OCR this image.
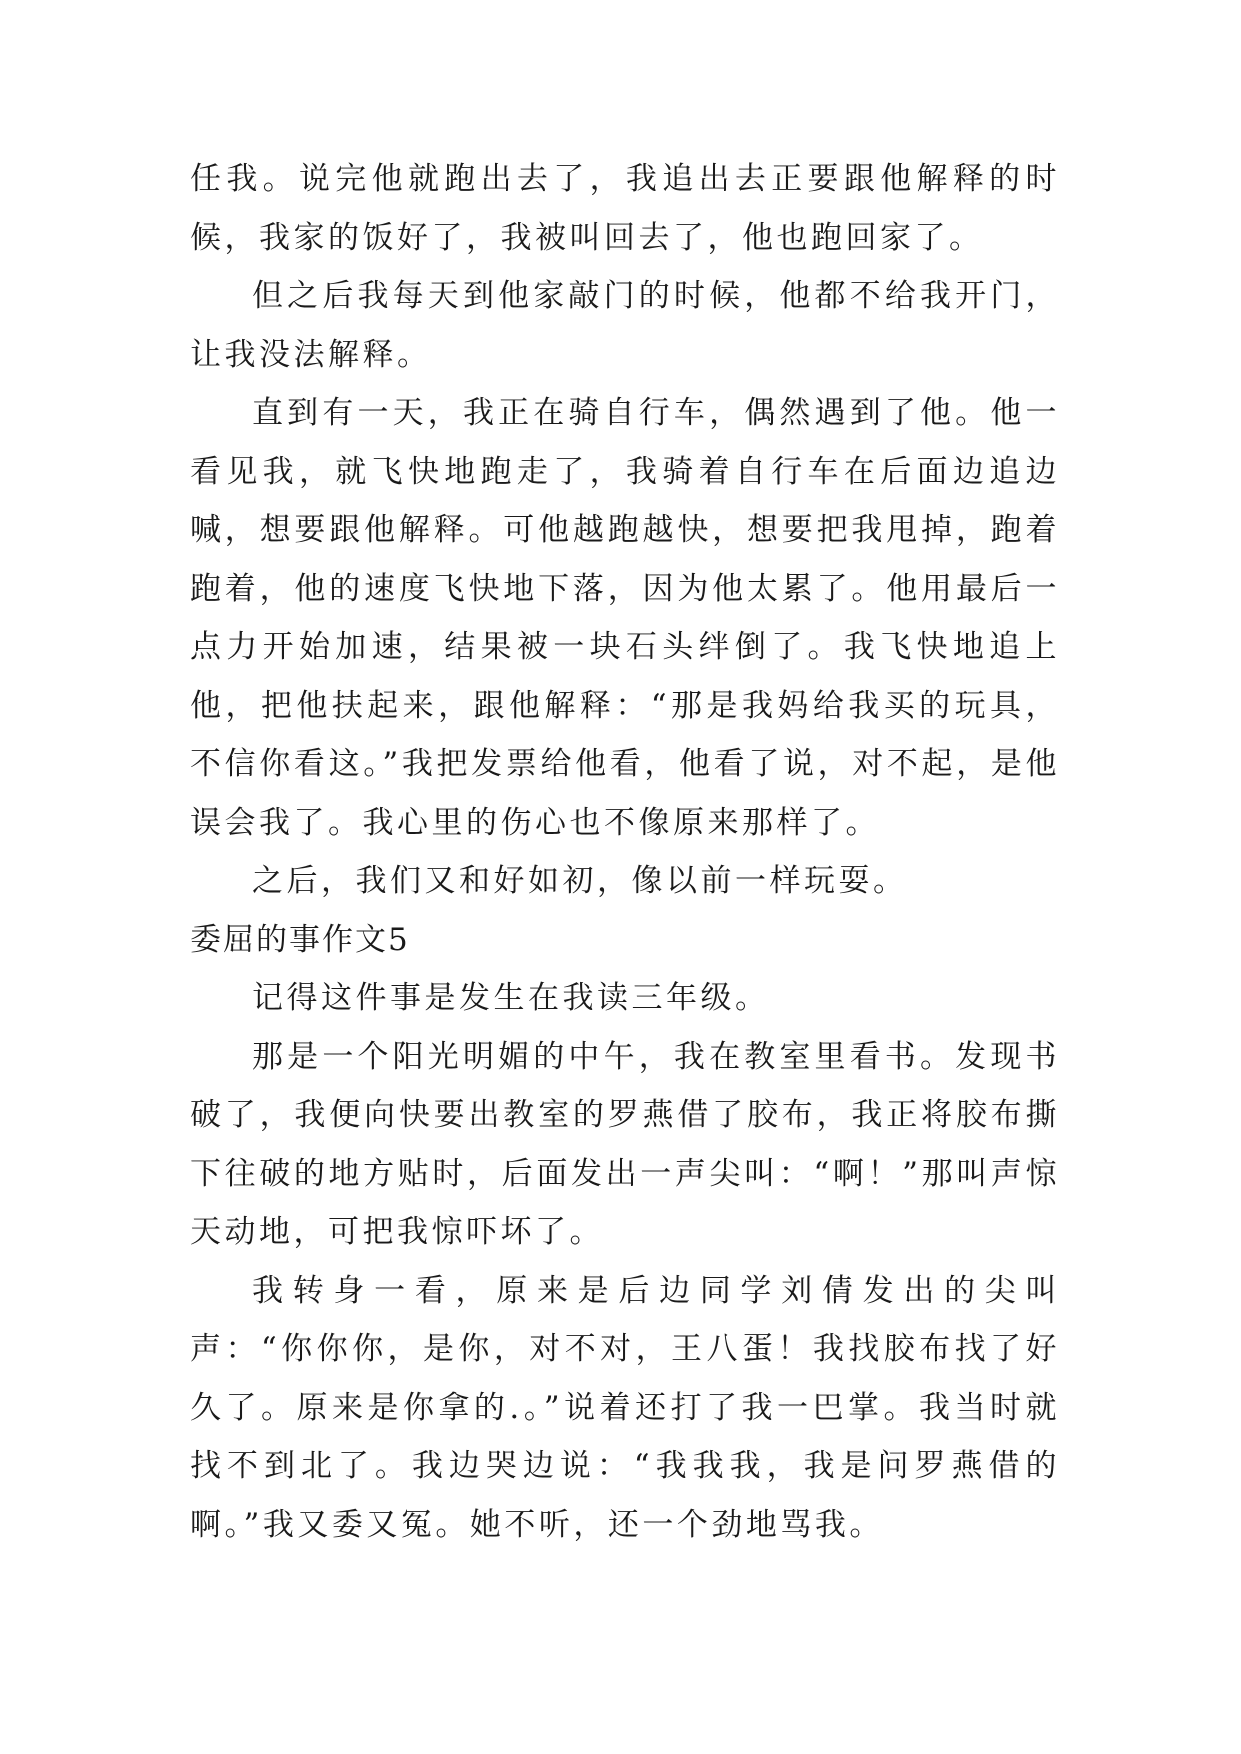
任我。说完他就跑出去了，我追出去正要跟他解释的时候，我家的饭好了，我被叫回去了，他也跑回家了。

但之后我每天到他家敲门的时候，他都不给我开门，让我没法解释。

直到有一天，我正在骑自行车，偶然遇到了他。他一看见我，就飞快地跑走了，我骑着自行车在后面边追边喊，想要跟他解释。可他越跑越快，想要把我甩掉，跑着跑着，他的速度飞快地下落，因为他太累了。他用最后一点力开始加速，结果被一块石头绊倒了。我飞快地追上他，把他扶起来，跟他解释：“那是我妈给我买的玩具，不信你看这。”我把发票给他看，他看了说，对不起，是他误会我了。我心里的伤心也不像原来那样了。

之后，我们又和好如初，像以前一样玩耍。

委屈的事作文5

记得这件事是发生在我读三年级。

那是一个阳光明媚的中午，我在教室里看书。发现书破了，我便向快要出教室的罗燕借了胶布，我正将胶布撕下往破的地方贴时，后面发出一声尖叫：“啊！”那叫声惊天动地，可把我惊吓坏了。

我转身一看，原来是后边同学刘倩发出的尖叫声：“你你你，是你，对不对，王八蛋！我找胶布找了好久了。原来是你拿的.。”说着还打了我一巴掌。我当时就找不到北了。我边哭边说：“我我我，我是问罗燕借的啊。”我又委又冤。她不听，还一个劲地骂我。
